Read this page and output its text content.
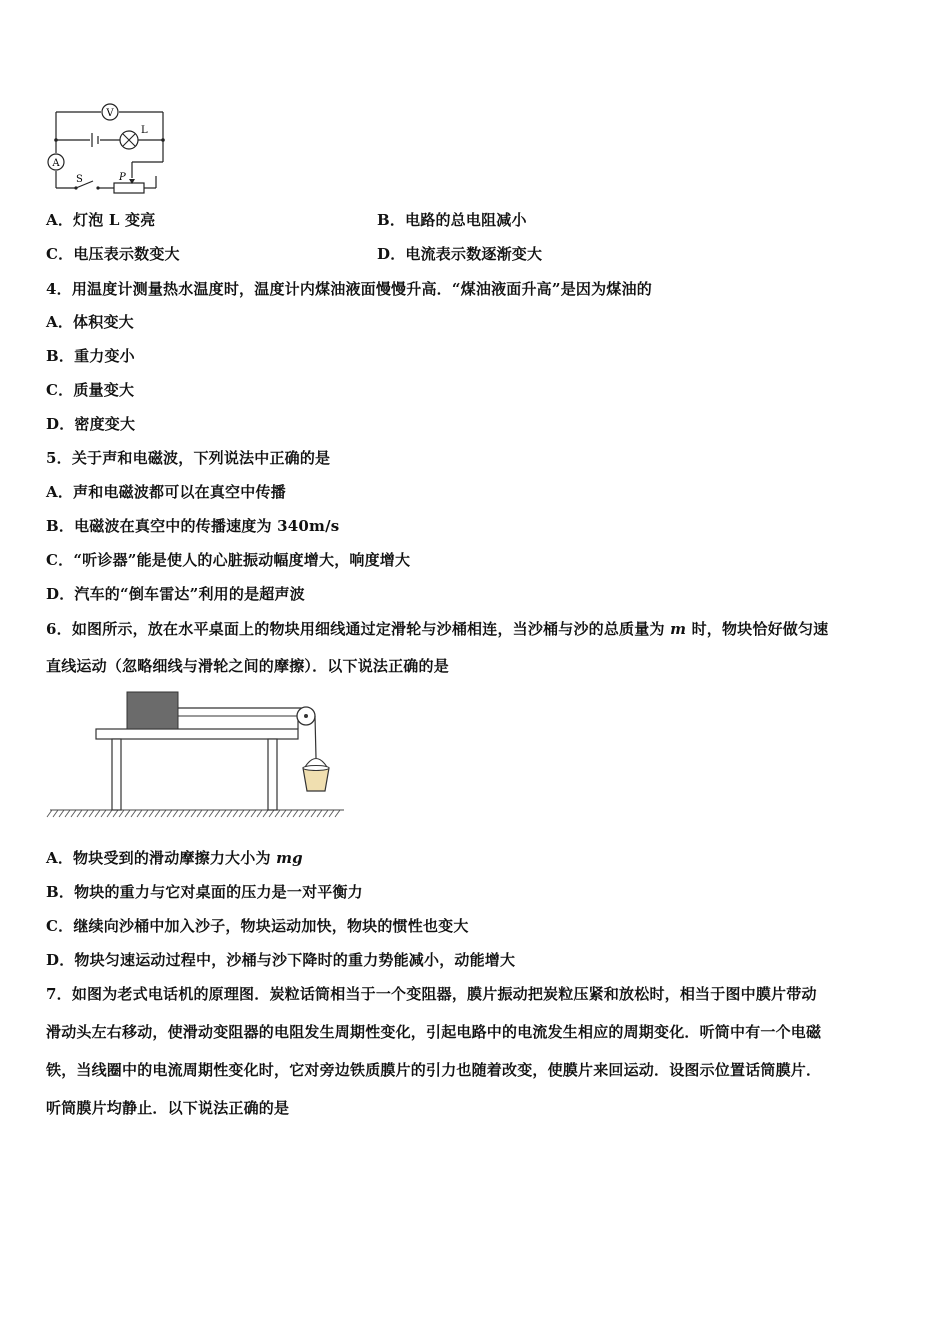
V
L
A
S	P
A．灯泡 L 变亮	B．电路的总电阻减小
C．电压表示数变大	D．电流表示数逐渐变大
4．用温度计测量热水温度时，温度计内煤油液面慢慢升高．“煤油液面升高”是因为煤油的
A．体积变大
B．重力变小
C．质量变大
D．密度变大
5．关于声和电磁波，下列说法中正确的是
A．声和电磁波都可以在真空中传播
B．电磁波在真空中的传播速度为 340m/s
C．“听诊器”能是使人的心脏振动幅度增大，响度增大
D．汽车的“倒车雷达”利用的是超声波
6．如图所示，放在水平桌面上的物块用细线通过定滑轮与沙桶相连，当沙桶与沙的总质量为 m 时，物块恰好做匀速
直线运动（忽略细线与滑轮之间的摩擦）．以下说法正确的是
A．物块受到的滑动摩擦力大小为 mg
B．物块的重力与它对桌面的压力是一对平衡力
C．继续向沙桶中加入沙子，物块运动加快，物块的惯性也变大
D．物块匀速运动过程中，沙桶与沙下降时的重力势能减小，动能增大
7．如图为老式电话机的原理图．炭粒话筒相当于一个变阻器，膜片振动把炭粒压紧和放松时，相当于图中膜片带动
滑动头左右移动，使滑动变阻器的电阻发生周期性变化，引起电路中的电流发生相应的周期变化．听筒中有一个电磁
铁，当线圈中的电流周期性变化时，它对旁边铁质膜片的引力也随着改变，使膜片来回运动．设图示位置话筒膜片．
听筒膜片均静止．以下说法正确的是
